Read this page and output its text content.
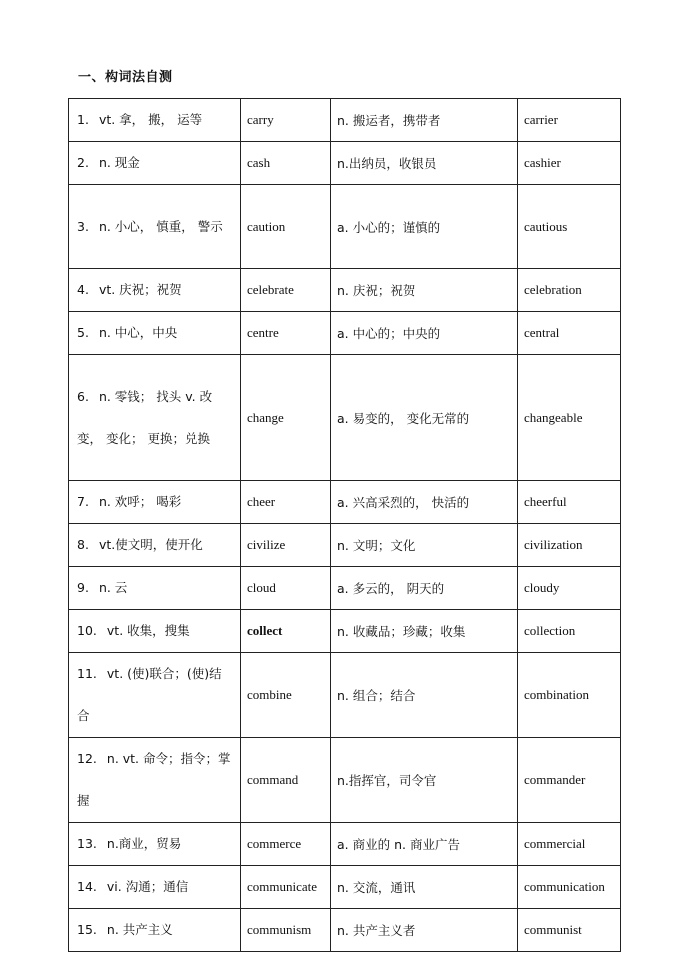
一、构词法自测
1. vt. 拿， 搬， 运等	carry	n. 搬运者，携带者	carrier
2. n. 现金	cash	n.出纳员，收银员	cashier
3. n. 小心， 慎重， 警示	caution	a. 小心的；谨慎的	cautious
4. vt. 庆祝；祝贺	celebrate	n. 庆祝；祝贺	celebration
5. n. 中心，中央	centre	a. 中心的；中央的	central
6. n. 零钱； 找头 v. 改变， 变化； 更换；兑换	change	a. 易变的， 变化无常的	changeable
7. n. 欢呼； 喝彩	cheer	a. 兴高采烈的， 快活的	cheerful
8. vt.使文明，使开化	civilize	n. 文明；文化	civilization
9. n. 云	cloud	a. 多云的， 阴天的	cloudy
10. vt. 收集，搜集	collect	n. 收藏品；珍藏；收集	collection
11. vt. (使)联合；(使)结合	combine	n. 组合；结合	combination
12. n. vt. 命令；指令；掌握	command	n.指挥官，司令官	commander
13. n.商业，贸易	commerce	a. 商业的 n. 商业广告	commercial
14. vi. 沟通；通信	communicate	n. 交流，通讯	communication
15. n. 共产主义	communism	n. 共产主义者	communist
